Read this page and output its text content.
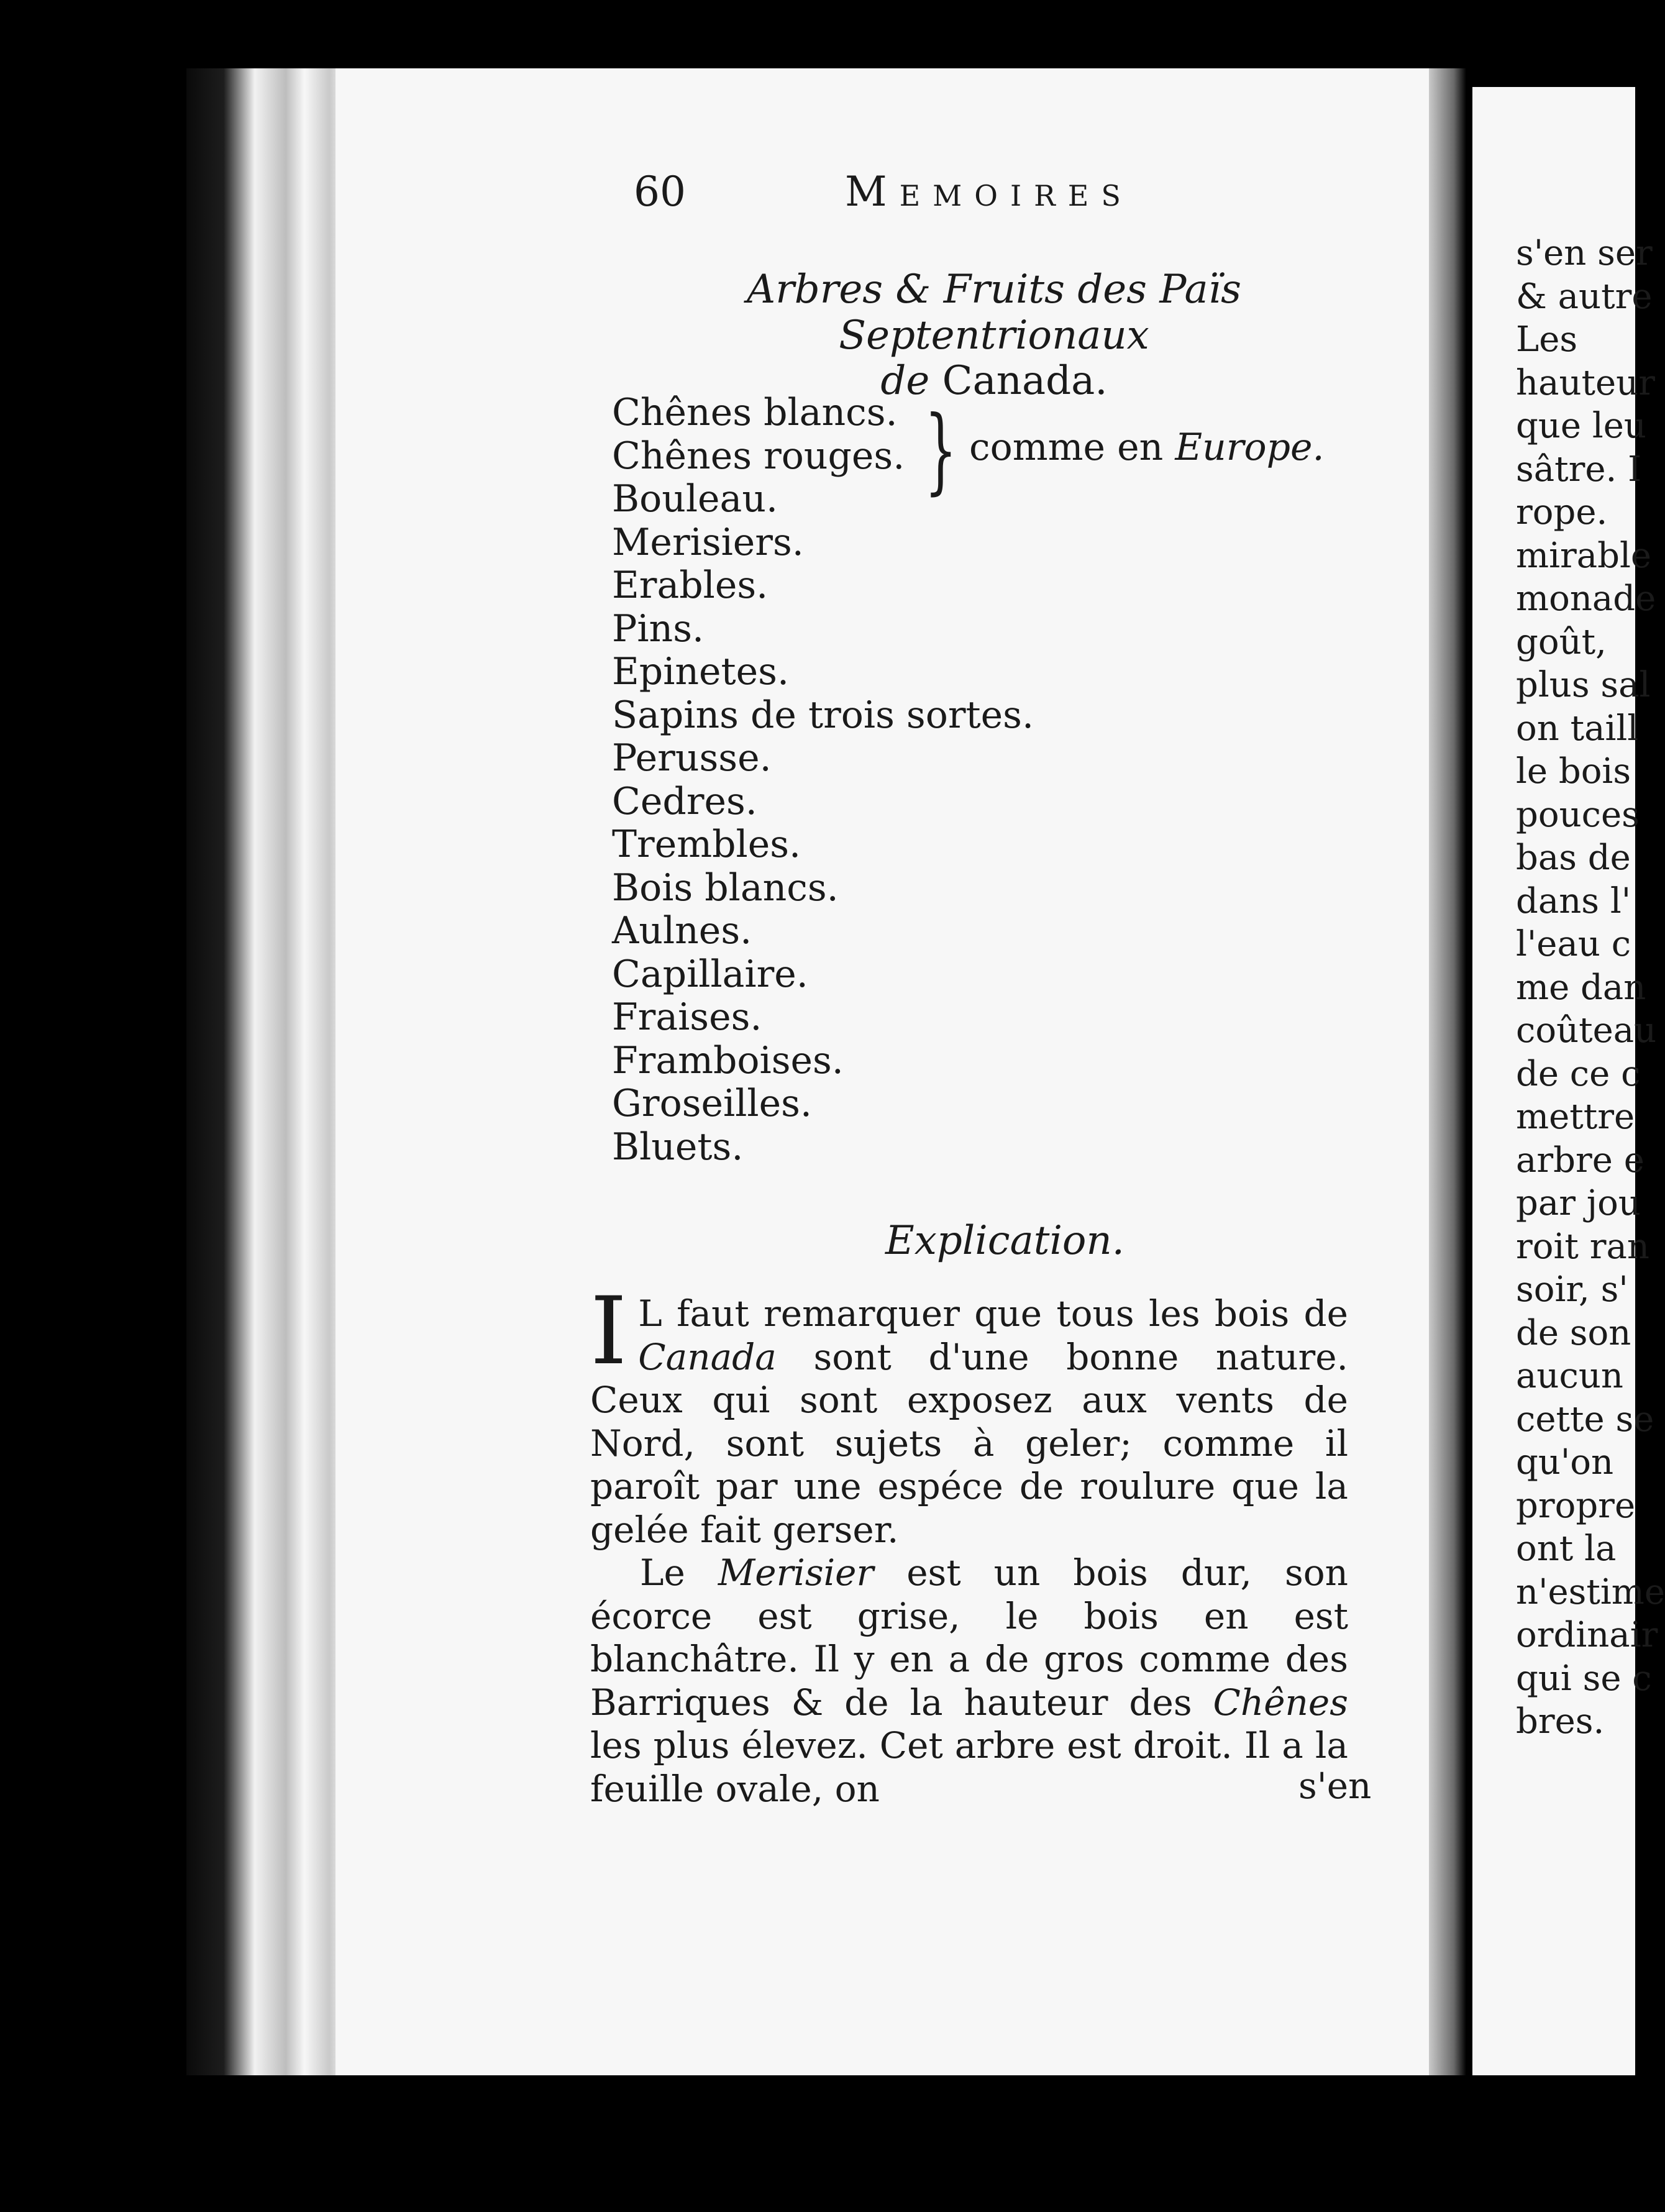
s'en ser
& autre
Les
hauteur
que leu
sâtre. I
rope.
mirable
monade
goût,
plus sal
on taill
le bois
pouces
bas de
dans l'
l'eau c
me dan
coûteau
de ce c
mettre
arbre e
par jou
roit ran
soir, s'
de son
aucun
cette se
qu'on
propre
ont la
n'estime
ordinair
qui se c
bres.
60	Memoires
Arbres & Fruits des Païs Septentrionaux
de Canada.
Chênes blancs.
Chênes rouges.
Bouleau.
Merisiers.
Erables.
Pins.
Epinetes.
Sapins de trois sortes.
Perusse.
Cedres.
Trembles.
Bois blancs.
Aulnes.
Capillaire.
Fraises.
Framboises.
Groseilles.
Bluets.
} comme en Europe.
Explication.

I L faut remarquer que tous les bois de Canada sont d'une bonne nature. Ceux qui sont exposez aux vents de Nord, sont sujets à geler; comme il paroît par une espéce de roulure que la gelée fait gerser.

Le Merisier est un bois dur, son écorce est grise, le bois en est blanchâtre. Il y en a de gros comme des Barriques & de la hauteur des Chênes les plus élevez. Cet arbre est droit. Il a la feuille ovale, on	s'en
